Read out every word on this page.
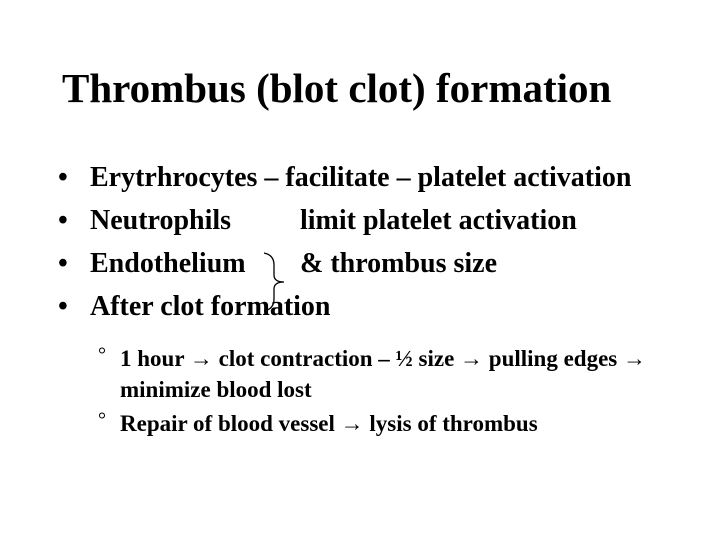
Thrombus (blot clot) formation
• Erytrhrocytes – facilitate – platelet activation
• Neutrophils	limit platelet activation
• Endothelium	& thrombus size
• After clot formation
° 1 hour → clot contraction – ½ size → pulling edges → minimize blood lost
° Repair of blood vessel → lysis of thrombus
